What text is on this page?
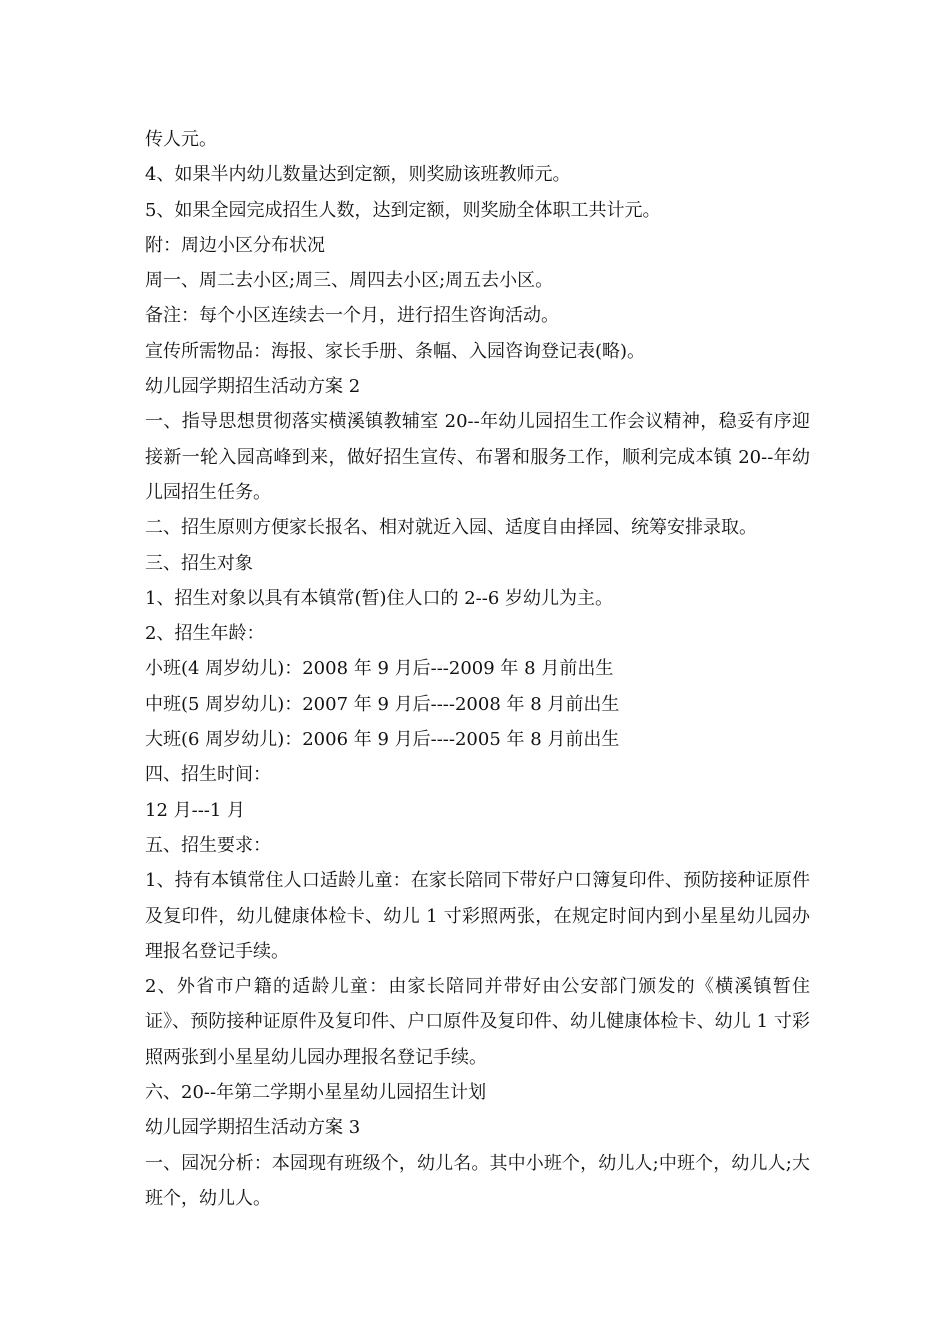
传人元。

4、如果半内幼儿数量达到定额，则奖励该班教师元。

5、如果全园完成招生人数，达到定额，则奖励全体职工共计元。

附：周边小区分布状况

周一、周二去小区;周三、周四去小区;周五去小区。

备注：每个小区连续去一个月，进行招生咨询活动。

宣传所需物品：海报、家长手册、条幅、入园咨询登记表(略)。

幼儿园学期招生活动方案 2

一、指导思想贯彻落实横溪镇教辅室 20--年幼儿园招生工作会议精神，稳妥有序迎接新一轮入园高峰到来，做好招生宣传、布署和服务工作，顺利完成本镇 20--年幼儿园招生任务。

二、招生原则方便家长报名、相对就近入园、适度自由择园、统筹安排录取。

三、招生对象

1、招生对象以具有本镇常(暂)住人口的 2--6 岁幼儿为主。

2、招生年龄：

小班(4 周岁幼儿)：2008 年 9 月后---2009 年 8 月前出生

中班(5 周岁幼儿)：2007 年 9 月后----2008 年 8 月前出生

大班(6 周岁幼儿)：2006 年 9 月后----2005 年 8 月前出生

四、招生时间：

12 月---1 月

五、招生要求：

1、持有本镇常住人口适龄儿童：在家长陪同下带好户口簿复印件、预防接种证原件及复印件，幼儿健康体检卡、幼儿 1 寸彩照两张，在规定时间内到小星星幼儿园办理报名登记手续。

2、外省市户籍的适龄儿童：由家长陪同并带好由公安部门颁发的《横溪镇暂住证》、预防接种证原件及复印件、户口原件及复印件、幼儿健康体检卡、幼儿 1 寸彩照两张到小星星幼儿园办理报名登记手续。

六、20--年第二学期小星星幼儿园招生计划

幼儿园学期招生活动方案 3

一、园况分析：本园现有班级个，幼儿名。其中小班个，幼儿人;中班个，幼儿人;大班个，幼儿人。
